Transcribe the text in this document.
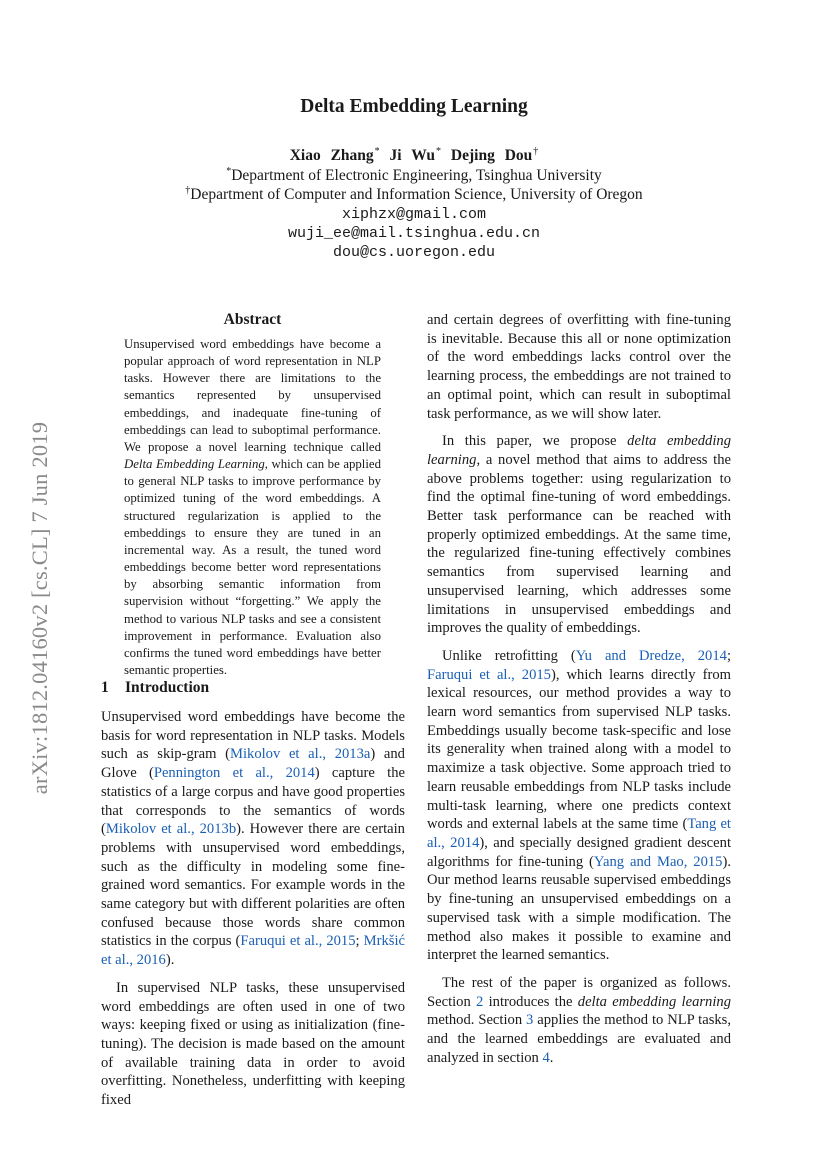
arXiv:1812.04160v2 [cs.CL] 7 Jun 2019
Delta Embedding Learning
Xiao Zhang* Ji Wu* Dejing Dou†
*Department of Electronic Engineering, Tsinghua University
†Department of Computer and Information Science, University of Oregon
xiphzx@gmail.com
wuji_ee@mail.tsinghua.edu.cn
dou@cs.uoregon.edu
Abstract
Unsupervised word embeddings have become a popular approach of word representation in NLP tasks. However there are limitations to the semantics represented by unsupervised embeddings, and inadequate fine-tuning of embeddings can lead to suboptimal performance. We propose a novel learning technique called Delta Embedding Learning, which can be applied to general NLP tasks to improve performance by optimized tuning of the word embeddings. A structured regularization is applied to the embeddings to ensure they are tuned in an incremental way. As a result, the tuned word embeddings become better word representations by absorbing semantic information from supervision without “forgetting.” We apply the method to various NLP tasks and see a consistent improvement in performance. Evaluation also confirms the tuned word embeddings have better semantic properties.
1 Introduction

Unsupervised word embeddings have become the basis for word representation in NLP tasks. Models such as skip-gram (Mikolov et al., 2013a) and Glove (Pennington et al., 2014) capture the statistics of a large corpus and have good properties that corresponds to the semantics of words (Mikolov et al., 2013b). However there are certain problems with unsupervised word embeddings, such as the difficulty in modeling some fine-grained word semantics. For example words in the same category but with different polarities are often confused because those words share common statistics in the corpus (Faruqui et al., 2015; Mrkšić et al., 2016).

In supervised NLP tasks, these unsupervised word embeddings are often used in one of two ways: keeping fixed or using as initialization (fine-tuning). The decision is made based on the amount of available training data in order to avoid overfitting. Nonetheless, underfitting with keeping fixed

and certain degrees of overfitting with fine-tuning is inevitable. Because this all or none optimization of the word embeddings lacks control over the learning process, the embeddings are not trained to an optimal point, which can result in suboptimal task performance, as we will show later.

In this paper, we propose delta embedding learning, a novel method that aims to address the above problems together: using regularization to find the optimal fine-tuning of word embeddings. Better task performance can be reached with properly optimized embeddings. At the same time, the regularized fine-tuning effectively combines semantics from supervised learning and unsupervised learning, which addresses some limitations in unsupervised embeddings and improves the quality of embeddings.

Unlike retrofitting (Yu and Dredze, 2014; Faruqui et al., 2015), which learns directly from lexical resources, our method provides a way to learn word semantics from supervised NLP tasks. Embeddings usually become task-specific and lose its generality when trained along with a model to maximize a task objective. Some approach tried to learn reusable embeddings from NLP tasks include multi-task learning, where one predicts context words and external labels at the same time (Tang et al., 2014), and specially designed gradient descent algorithms for fine-tuning (Yang and Mao, 2015). Our method learns reusable supervised embeddings by fine-tuning an unsupervised embeddings on a supervised task with a simple modification. The method also makes it possible to examine and interpret the learned semantics.

The rest of the paper is organized as follows. Section 2 introduces the delta embedding learning method. Section 3 applies the method to NLP tasks, and the learned embeddings are evaluated and analyzed in section 4.
